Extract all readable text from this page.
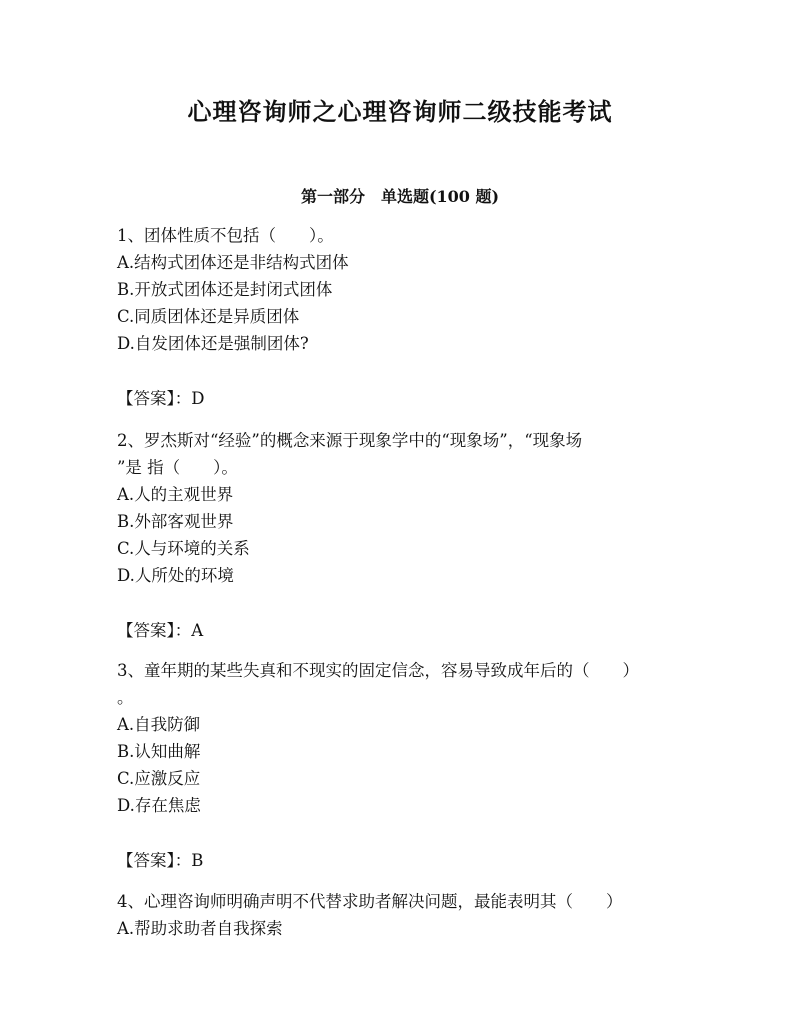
心理咨询师之心理咨询师二级技能考试
第一部分　单选题(100 题)
1、团体性质不包括（　　）。
A.结构式团体还是非结构式团体
B.开放式团体还是封闭式团体
C.同质团体还是异质团体
D.自发团体还是强制团体?
【答案】：D
2、罗杰斯对“经验”的概念来源于现象学中的“现象场”，“现象场
”是 指（　　）。
A.人的主观世界
B.外部客观世界
C.人与环境的关系
D.人所处的环境
【答案】：A
3、童年期的某些失真和不现实的固定信念，容易导致成年后的（　　）
。
A.自我防御
B.认知曲解
C.应激反应
D.存在焦虑
【答案】：B
4、心理咨询师明确声明不代替求助者解决问题，最能表明其（　　）
A.帮助求助者自我探索
